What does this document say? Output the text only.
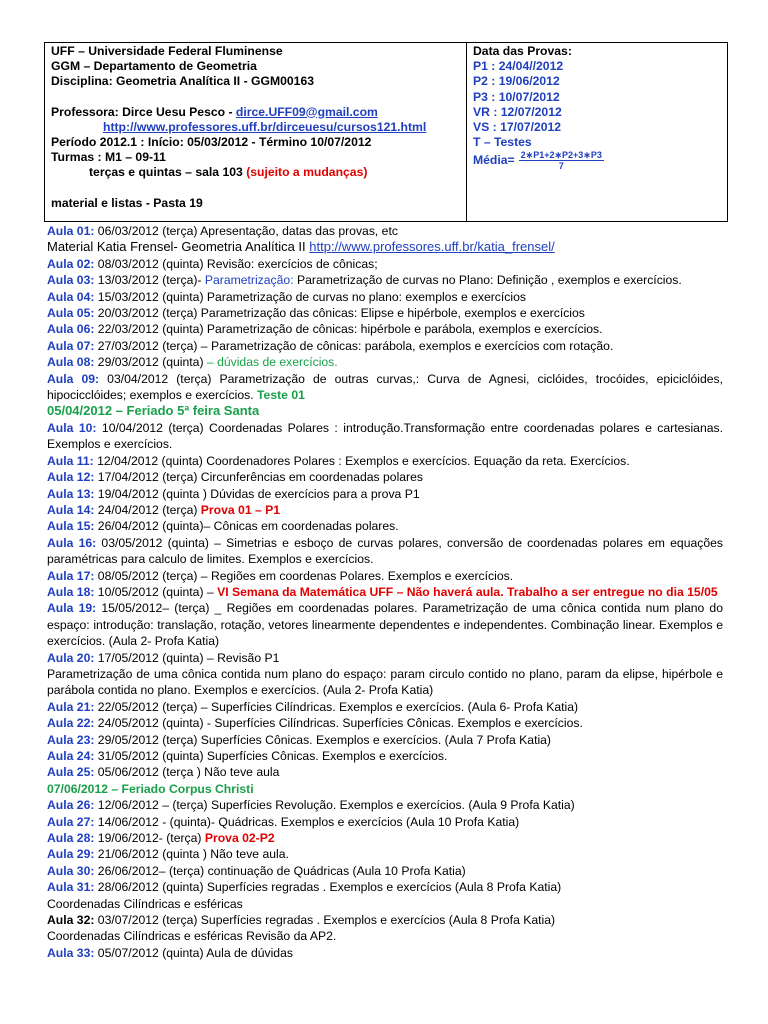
UFF – Universidade Federal Fluminense
GGM – Departamento de Geometria
Disciplina: Geometria Analítica II - GGM00163
Professora: Dirce Uesu Pesco - dirce.UFF09@gmail.com
http://www.professores.uff.br/dirceuesu/cursos121.html
Período 2012.1 : Início: 05/03/2012 - Término 10/07/2012
Turmas : M1 – 09-11
terças e quintas – sala 103 (sujeito a mudanças)
material e listas - Pasta 19
Data das Provas:
P1 : 24/04//2012
P2 : 19/06/2012
P3 : 10/07/2012
VR : 12/07/2012
VS : 17/07/2012
T – Testes
Média= $\frac{2∗P1+2∗P2+3∗P3}{7}$
Aula 01: 06/03/2012 (terça) Apresentação, datas das provas, etc
Material Katia Frensel- Geometria Analítica II http://www.professores.uff.br/katia_frensel/
Aula 02: 08/03/2012 (quinta) Revisão: exercícios de cônicas;
Aula 03: 13/03/2012 (terça)- Parametrização: Parametrização de curvas no Plano: Definição , exemplos e exercícios.
Aula 04: 15/03/2012 (quinta) Parametrização de curvas no plano: exemplos e exercícios
Aula 05: 20/03/2012 (terça) Parametrização das cônicas: Elipse e hipérbole, exemplos e exercícios
Aula 06: 22/03/2012 (quinta) Parametrização de cônicas: hipérbole e parábola, exemplos e exercícios.
Aula 07: 27/03/2012 (terça) – Parametrização de cônicas: parábola, exemplos e exercícios com rotação.
Aula 08: 29/03/2012 (quinta) – dúvidas de exercícios.
Aula 09: 03/04/2012 (terça) Parametrização de outras curvas,: Curva de Agnesi, ciclóides, trocóides, epiciclóides, hipocicclóides; exemplos e exercícios. Teste 01
05/04/2012 – Feriado 5ª feira Santa
Aula 10: 10/04/2012 (terça) Coordenadas Polares : introdução.Transformação entre coordenadas polares e cartesianas. Exemplos e exercícios.
Aula 11: 12/04/2012 (quinta) Coordenadores Polares : Exemplos e exercícios. Equação da reta. Exercícios.
Aula 12: 17/04/2012 (terça) Circunferências em coordenadas polares
Aula 13: 19/04/2012 (quinta ) Dúvidas de exercícios para a prova P1
Aula 14: 24/04/2012 (terça) Prova 01 – P1
Aula 15: 26/04/2012 (quinta)– Cônicas em coordenadas polares.
Aula 16: 03/05/2012 (quinta) – Simetrias e esboço de curvas polares, conversão de coordenadas polares em equações paramétricas para calculo de limites. Exemplos e exercícios.
Aula 17: 08/05/2012 (terça) – Regiões em coordenas Polares. Exemplos e exercícios.
Aula 18: 10/05/2012 (quinta) – VI Semana da Matemática UFF – Não haverá aula. Trabalho a ser entregue no dia 15/05
Aula 19: 15/05/2012– (terça) _ Regiões em coordenadas polares. Parametrização de uma cônica contida num plano do espaço: introdução: translação, rotação, vetores linearmente dependentes e independentes. Combinação linear. Exemplos e exercícios. (Aula 2- Profa Katia)
Aula 20: 17/05/2012 (quinta) – Revisão P1
Parametrização de uma cônica contida num plano do espaço: param circulo contido no plano, param da elipse, hipérbole e parábola contida no plano. Exemplos e exercícios. (Aula 2- Profa Katia)
Aula 21: 22/05/2012 (terça) – Superfícies Cilíndricas. Exemplos e exercícios. (Aula 6- Profa Katia)
Aula 22: 24/05/2012 (quinta) - Superfícies Cilíndricas. Superfícies Cônicas. Exemplos e exercícios.
Aula 23: 29/05/2012 (terça) Superfícies Cônicas. Exemplos e exercícios. (Aula 7 Profa Katia)
Aula 24: 31/05/2012 (quinta) Superfícies Cônicas. Exemplos e exercícios.
Aula 25: 05/06/2012 (terça ) Não teve aula
07/06/2012 – Feriado Corpus Christi
Aula 26: 12/06/2012 – (terça) Superfícies Revolução. Exemplos e exercícios. (Aula 9 Profa Katia)
Aula 27: 14/06/2012 - (quinta)- Quádricas. Exemplos e exercícios (Aula 10 Profa Katia)
Aula 28: 19/06/2012- (terça) Prova 02-P2
Aula 29: 21/06/2012 (quinta ) Não teve aula.
Aula 30: 26/06/2012– (terça) continuação de Quádricas (Aula 10 Profa Katia)
Aula 31: 28/06/2012 (quinta) Superfícies regradas . Exemplos e exercícios (Aula 8 Profa Katia)
Coordenadas Cilíndricas e esféricas
Aula 32: 03/07/2012 (terça) Superfícies regradas . Exemplos e exercícios (Aula 8 Profa Katia)
Coordenadas Cilíndricas e esféricas Revisão da AP2.
Aula 33: 05/07/2012 (quinta) Aula de dúvidas
